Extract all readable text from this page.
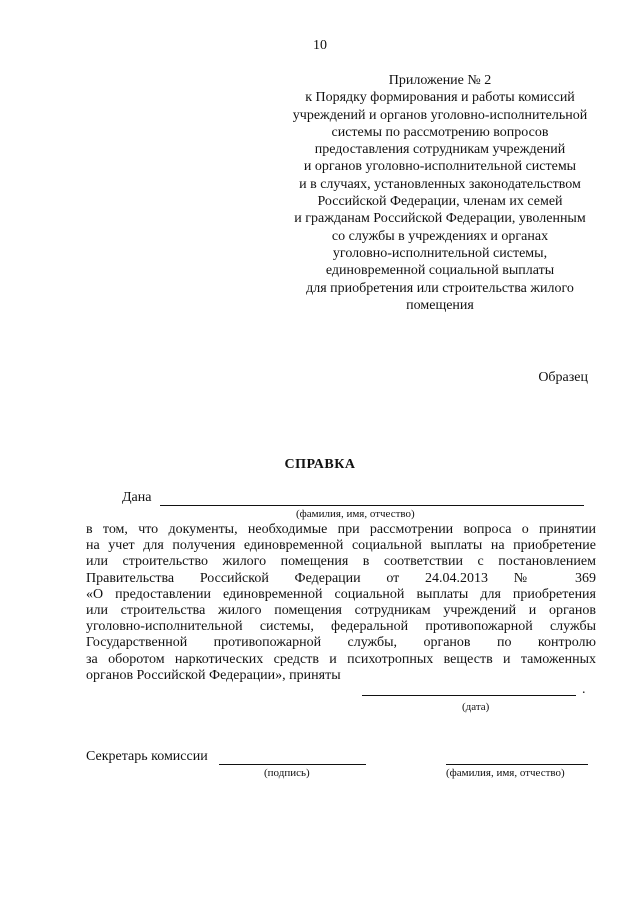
10
Приложение № 2
к Порядку формирования и работы комиссий
учреждений и органов уголовно-исполнительной
системы по рассмотрению вопросов
предоставления сотрудникам учреждений
и органов уголовно-исполнительной системы
и в случаях, установленных законодательством
Российской Федерации, членам их семей
и гражданам Российской Федерации, уволенным
со службы в учреждениях и органах
уголовно-исполнительной системы,
единовременной социальной выплаты
для приобретения или строительства жилого
помещения
Образец
СПРАВКА
Дана
(фамилия, имя, отчество)
в том, что документы, необходимые при рассмотрении вопроса о принятии
на учет для получения единовременной социальной выплаты на приобретение
или строительство жилого помещения в соответствии с постановлением
Правительства Российской Федерации от 24.04.2013 № 369
«О предоставлении единовременной социальной выплаты для приобретения
или строительства жилого помещения сотрудникам учреждений и органов
уголовно-исполнительной системы, федеральной противопожарной службы
Государственной противопожарной службы, органов по контролю
за оборотом наркотических средств и психотропных веществ и таможенных
органов Российской Федерации», приняты
.
(дата)
Секретарь комиссии
(подпись)	(фамилия, имя, отчество)
